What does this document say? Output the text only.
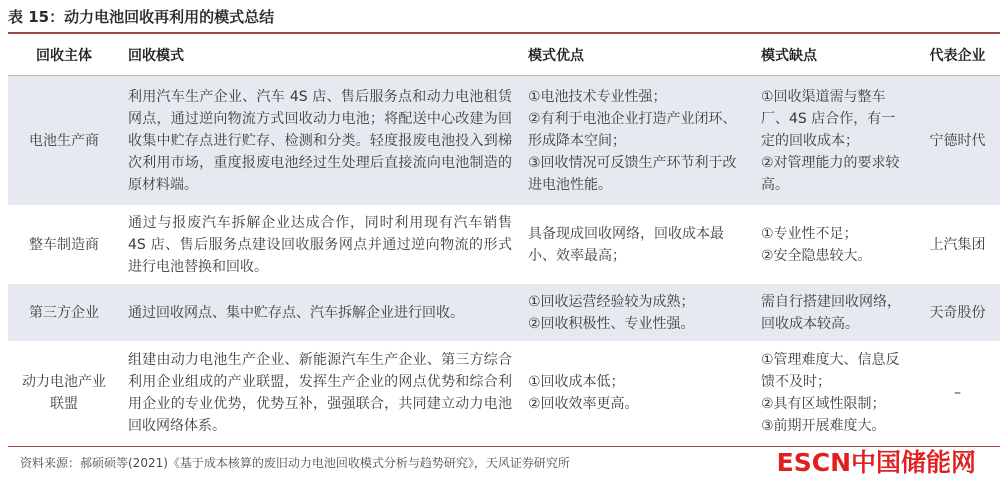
表 15：动力电池回收再利用的模式总结
回收主体	回收模式	模式优点	模式缺点	代表企业
电池生产商	利用汽车生产企业、汽车 4S 店、售后服务点和动力电池租赁网点，通过逆向物流方式回收动力电池；将配送中心改建为回收集中贮存点进行贮存、检测和分类。轻度报废电池投入到梯次利用市场，重度报废电池经过生处理后直接流向电池制造的原材料端。	①电池技术专业性强；
②有利于电池企业打造产业闭环、形成降本空间；
③回收情况可反馈生产环节利于改进电池性能。	①回收渠道需与整车厂、4S 店合作，有一定的回收成本；
②对管理能力的要求较高。	宁德时代
整车制造商	通过与报废汽车拆解企业达成合作，同时利用现有汽车销售 4S 店、售后服务点建设回收服务网点并通过逆向物流的形式进行电池替换和回收。	具备现成回收网络，回收成本最小、效率最高；	①专业性不足；
②安全隐患较大。	上汽集团
第三方企业	通过回收网点、集中贮存点、汽车拆解企业进行回收。	①回收运营经验较为成熟；
②回收积极性、专业性强。	需自行搭建回收网络，回收成本较高。	天奇股份
动力电池产业联盟	组建由动力电池生产企业、新能源汽车生产企业、第三方综合利用企业组成的产业联盟，发挥生产企业的网点优势和综合利用企业的专业优势，优势互补，强强联合，共同建立动力电池回收网络体系。	①回收成本低；
②回收效率更高。	①管理难度大、信息反馈不及时；
②具有区域性限制；
③前期开展难度大。	–
资料来源：郝硕硕等(2021)《基于成本核算的废旧动力电池回收模式分析与趋势研究》，天风证券研究所	ESCN中国储能网
